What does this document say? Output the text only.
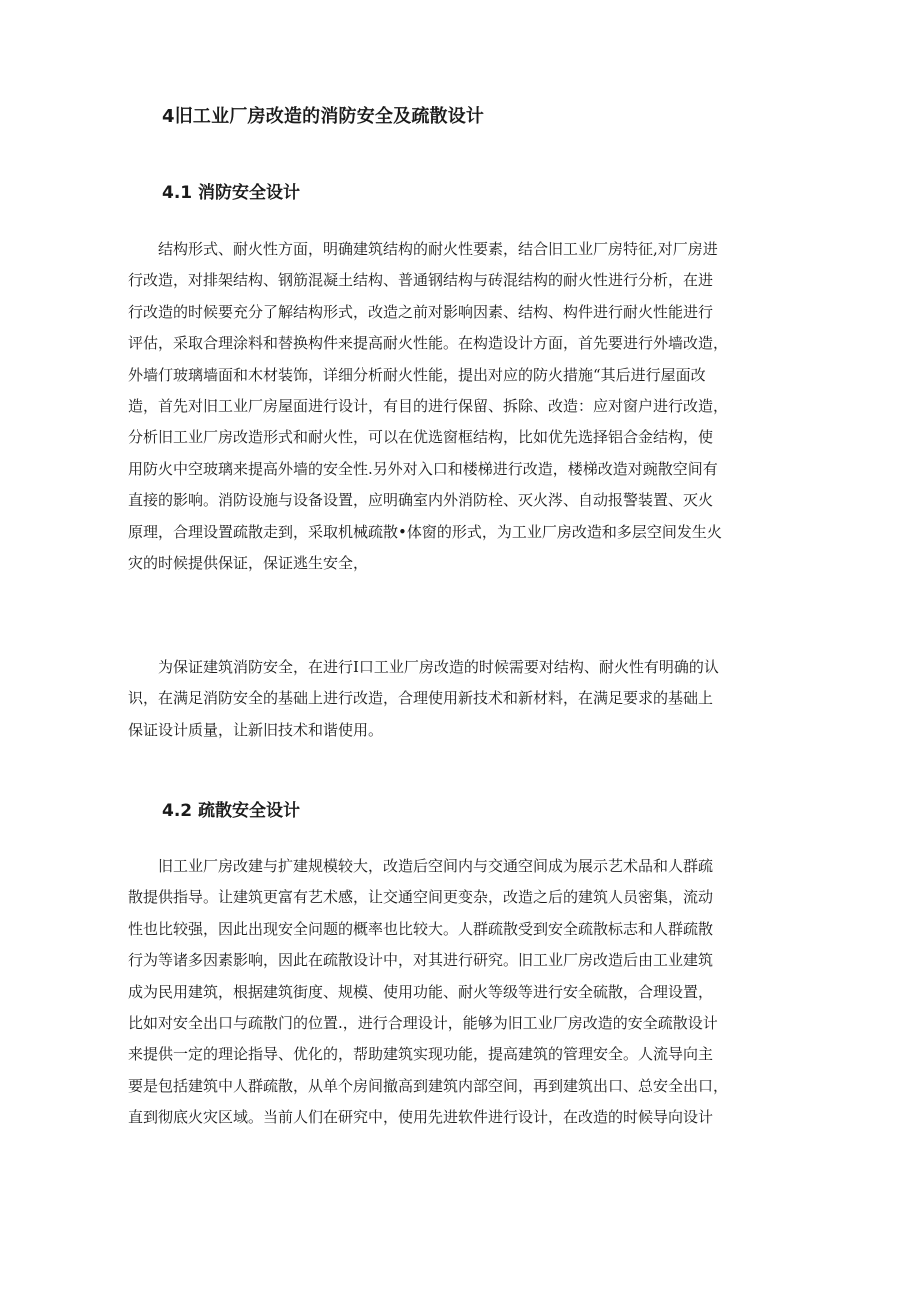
4旧工业厂房改造的消防安全及疏散设计
4.1 消防安全设计
　　结构形式、耐火性方面，明确建筑结构的耐火性要素，结合旧工业厂房特征,对厂房进
行改造，对排架结构、钢筋混凝土结构、普通钢结构与砖混结构的耐火性进行分析，在进
行改造的时候要充分了解结构形式，改造之前对影响因素、结构、构件进行耐火性能进行
评估，采取合理涂料和替换构件来提高耐火性能。在构造设计方面，首先要进行外墙改造，
外墙仃玻璃墙面和木材装饰，详细分析耐火性能，提出对应的防火措施“其后进行屋面改
造，首先对旧工业厂房屋面进行设计，有目的进行保留、拆除、改造：应对窗户进行改造，
分析旧工业厂房改造形式和耐火性，可以在优选窗框结构，比如优先选择铝合金结构，使
用防火中空玻璃来提高外墙的安全性.另外对入口和楼梯进行改造，楼梯改造对豌散空间有
直接的影响。消防设施与设备设置，应明确室内外消防栓、灭火涔、自动报警装置、灭火
原理，合理设置疏散走到，采取机械疏散•体窗的形式，为工业厂房改造和多层空间发生火
灾的时候提供保证，保证逃生安全，
　　为保证建筑消防安全，在进行I口工业厂房改造的时候需要对结构、耐火性有明确的认
识，在满足消防安全的基础上进行改造，合理使用新技术和新材料，在满足要求的基础上
保证设计质量，让新旧技术和谐使用。
4.2 疏散安全设计
　　旧工业厂房改建与扩建规模较大，改造后空间内与交通空间成为展示艺术品和人群疏
散提供指导。让建筑更富有艺术感，让交通空间更变杂，改造之后的建筑人员密集，流动
性也比较强，因此出现安全问题的概率也比较大。人群疏散受到安全疏散标志和人群疏散
行为等诸多因素影响，因此在疏散设计中，对其进行研究。旧工业厂房改造后由工业建筑
成为民用建筑，根据建筑街度、规模、使用功能、耐火等级等进行安全硫散，合理设置，
比如对安全出口与疏散门的位置.，进行合理设计，能够为旧工业厂房改造的安全疏散设计
来提供一定的理论指导、优化的，帮助建筑实现功能，提高建筑的管理安全。人流导向主
要是包括建筑中人群疏散，从单个房间撤高到建筑内部空间，再到建筑出口、总安全出口，
直到彻底火灾区域。当前人们在研究中，使用先进软件进行设计，在改造的时候导向设计
